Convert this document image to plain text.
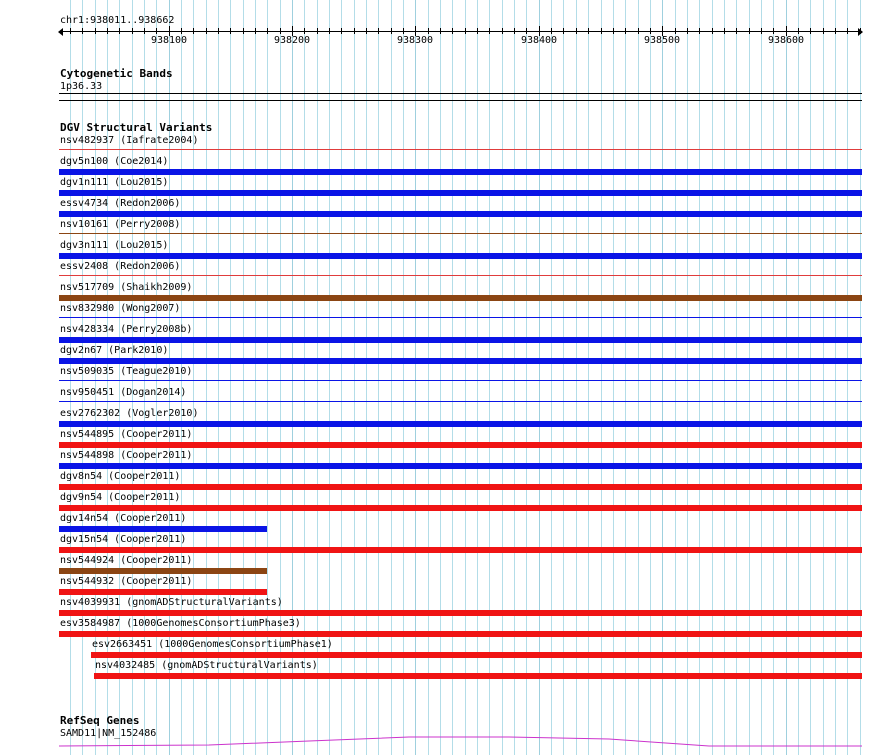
chr1:938011..938662
938100	938200	938300	938400	938500	938600
Cytogenetic Bands
1p36.33
DGV Structural Variants
nsv482937 (Iafrate2004)
dgv5n100 (Coe2014)
dgv1n111 (Lou2015)
essv4734 (Redon2006)
nsv10161 (Perry2008)
dgv3n111 (Lou2015)
essv2408 (Redon2006)
nsv517709 (Shaikh2009)
nsv832980 (Wong2007)
nsv428334 (Perry2008b)
dgv2n67 (Park2010)
nsv509035 (Teague2010)
nsv950451 (Dogan2014)
esv2762302 (Vogler2010)
nsv544895 (Cooper2011)
nsv544898 (Cooper2011)
dgv8n54 (Cooper2011)
dgv9n54 (Cooper2011)
dgv14n54 (Cooper2011)
dgv15n54 (Cooper2011)
nsv544924 (Cooper2011)
nsv544932 (Cooper2011)
nsv4039931 (gnomADStructuralVariants)
esv3584987 (1000GenomesConsortiumPhase3)
esv2663451 (1000GenomesConsortiumPhase1)
nsv4032485 (gnomADStructuralVariants)
RefSeq Genes
SAMD11|NM_152486
